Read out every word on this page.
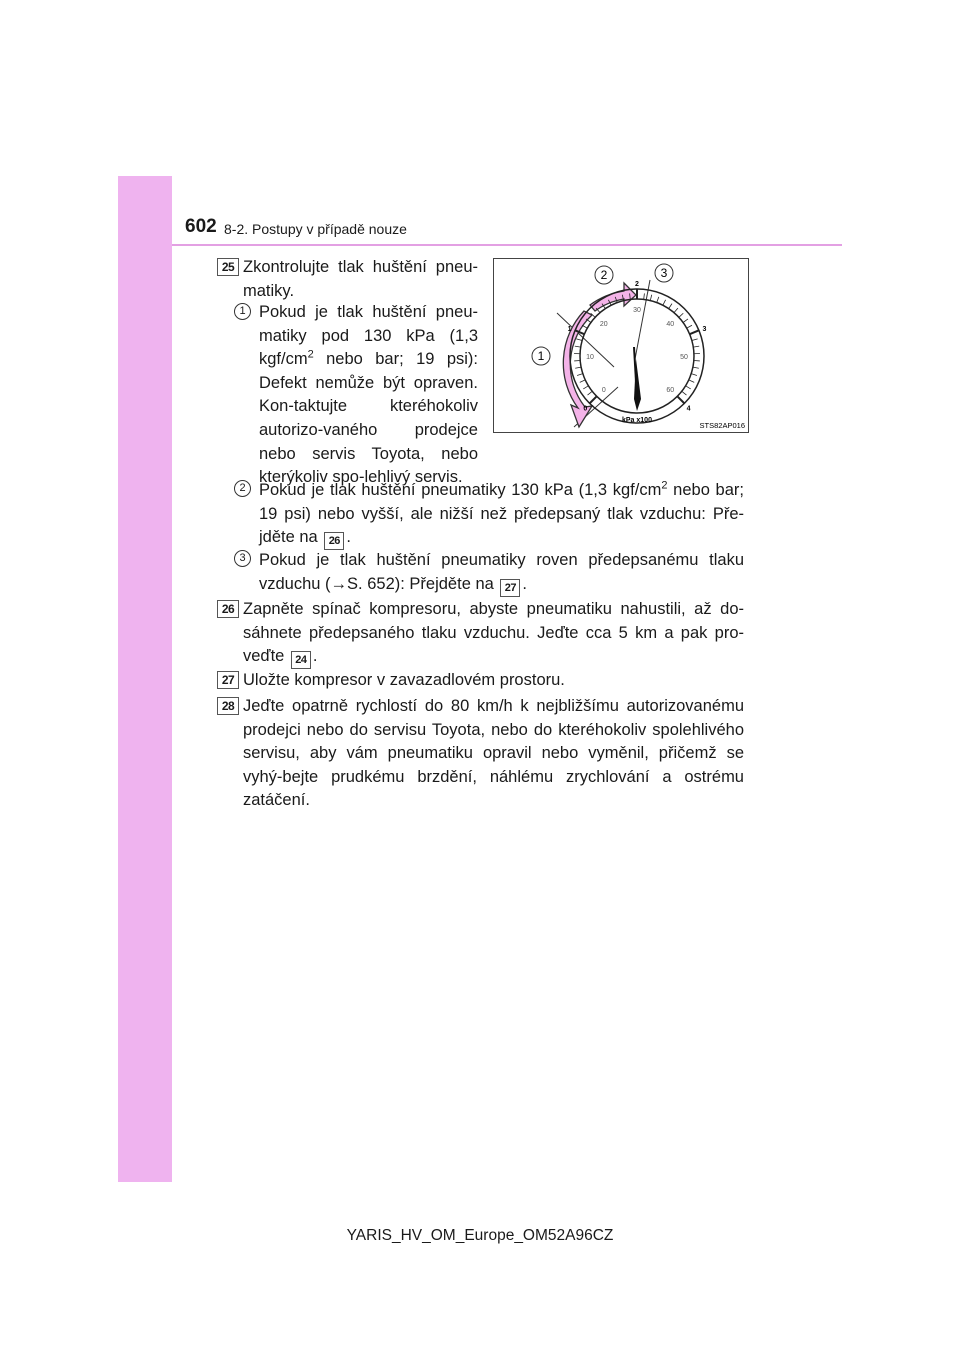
602 8-2. Postupy v případě nouze
25 Zkontrolujte tlak huštění pneu-matiky.
1 Pokud je tlak huštění pneu-matiky pod 130 kPa (1,3 kgf/$cm^2$ nebo bar; 19 psi): Defekt nemůže být opraven. Kon-taktujte kteréhokoliv autorizo-vaného prodejce nebo servis Toyota, nebo kterýkoliv spo-lehlivý servis.
2 Pokud je tlak huštění pneumatiky 130 kPa (1,3 kgf/$cm^2$ nebo bar; 19 psi) nebo vyšší, ale nižší než předepsaný tlak vzduchu: Pře-jděte na 26 .
3 Pokud je tlak huštění pneumatiky roven předepsanému tlaku vzduchu (→S. 652): Přejděte na 27 .
26 Zapněte spínač kompresoru, abyste pneumatiku nahustili, až do-sáhnete předepsaného tlaku vzduchu. Jeďte cca 5 km a pak pro-veďte 24 .
27 Uložte kompresor v zavazadlovém prostoru.
28 Jeďte opatrně rychlostí do 80 km/h k nejbližšímu autorizovanému prodejci nebo do servisu Toyota, nebo do kteréhokoliv spolehlivého servisu, aby vám pneumatiku opravil nebo vyměnil, přičemž se vyhý-bejte prudkému brzdění, náhlému zrychlování a ostrému zatáčení.
0
1
2
3
4
0
10
20
30
40
50
60
kPa x100
1
2	3
STS82AP016
YARIS_HV_OM_Europe_OM52A96CZ
